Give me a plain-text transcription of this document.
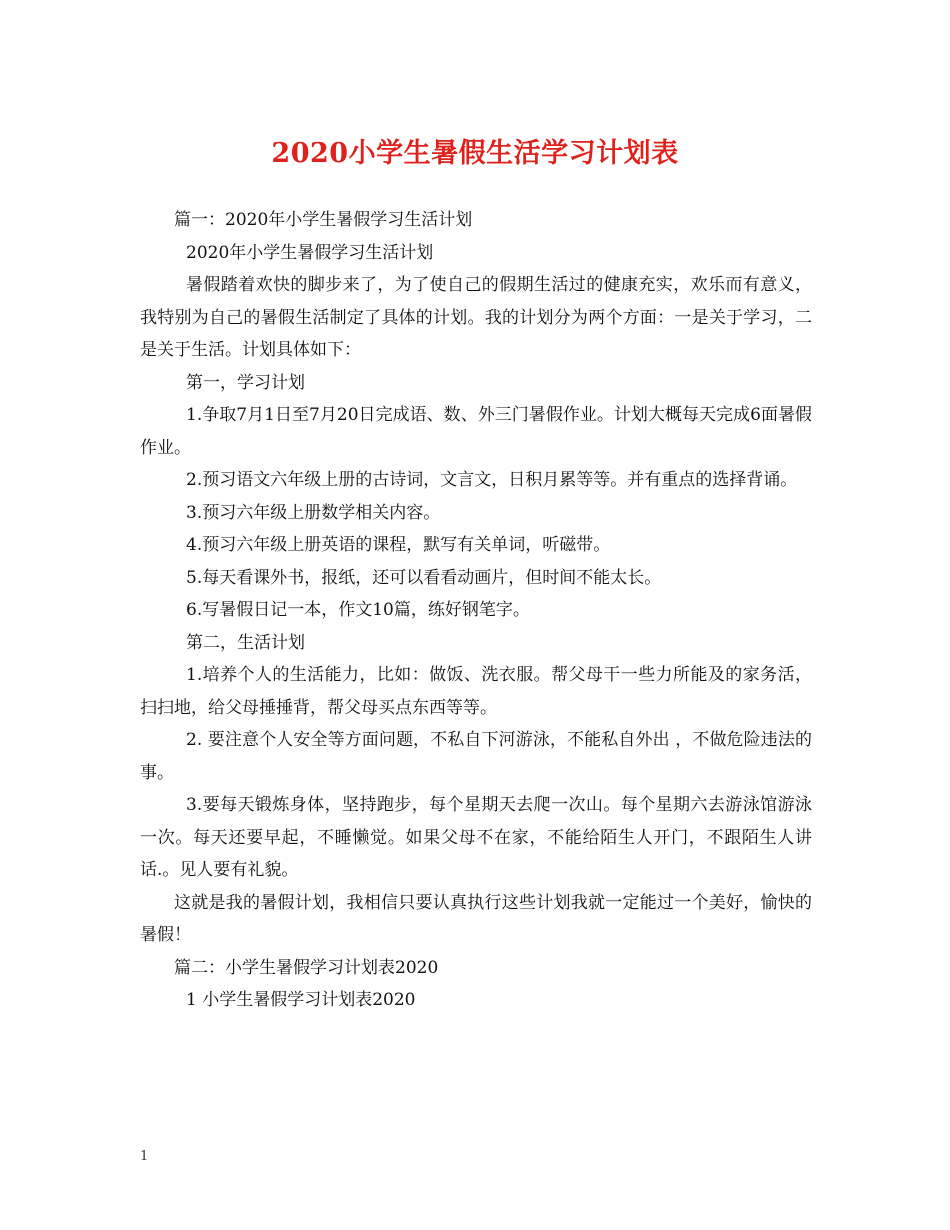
2020小学生暑假生活学习计划表

篇一：2020年小学生暑假学习生活计划

2020年小学生暑假学习生活计划

暑假踏着欢快的脚步来了，为了使自己的假期生活过的健康充实，欢乐而有意义，我特别为自己的暑假生活制定了具体的计划。我的计划分为两个方面：一是关于学习，二是关于生活。计划具体如下：

第一，学习计划

1.争取7月1日至7月20日完成语、数、外三门暑假作业。计划大概每天完成6面暑假作业。

2.预习语文六年级上册的古诗词，文言文，日积月累等等。并有重点的选择背诵。

3.预习六年级上册数学相关内容。

4.预习六年级上册英语的课程，默写有关单词，听磁带。

5.每天看课外书，报纸，还可以看看动画片，但时间不能太长。

6.写暑假日记一本，作文10篇，练好钢笔字。

第二，生活计划

1.培养个人的生活能力，比如：做饭、洗衣服。帮父母干一些力所能及的家务活，扫扫地，给父母捶捶背，帮父母买点东西等等。

2. 要注意个人安全等方面问题，不私自下河游泳，不能私自外出 ，不做危险违法的事。

3.要每天锻炼身体，坚持跑步，每个星期天去爬一次山。每个星期六去游泳馆游泳一次。每天还要早起，不睡懒觉。如果父母不在家，不能给陌生人开门，不跟陌生人讲话.。见人要有礼貌。

这就是我的暑假计划，我相信只要认真执行这些计划我就一定能过一个美好，愉快的暑假！

篇二：小学生暑假学习计划表2020

1 小学生暑假学习计划表2020

1
